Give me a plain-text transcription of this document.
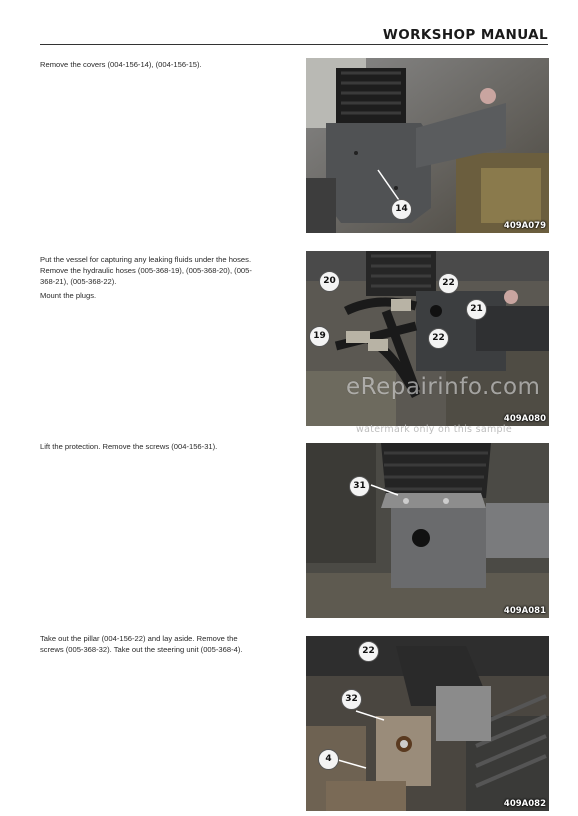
WORKSHOP MANUAL

Remove the covers (004-156-14), (004-156-15).

14
409A079

Put the vessel for capturing any leaking fluids under the hoses.
Remove the hydraulic hoses (005-368-19), (005-368-20), (005-
368-21), (005-368-22).

Mount the plugs.

20	22
21
19	22
409A080
eRepairinfo.com
watermark only on this sample

Lift the protection. Remove the screws (004-156-31).

31
409A081

Take out the pillar (004-156-22) and lay aside. Remove the
screws (005-368-32). Take out the steering unit (005-368-4).	22
32
4
409A082
